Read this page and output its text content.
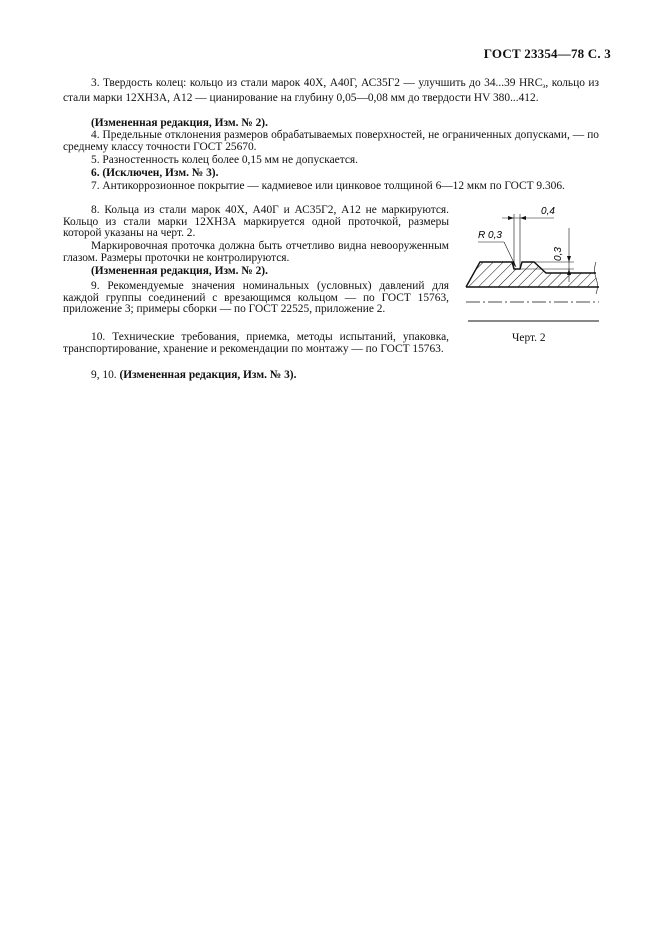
ГОСТ 23354—78 С. 3

3. Твердость колец: кольцо из стали марок 40Х, А40Г, АС35Г2 — улучшить до 34...39 $HRC_э$, кольцо из стали марки 12ХН3А, А12 — цианирование на глубину 0,05—0,08 мм до твердости HV 380...412.

(Измененная редакция, Изм. № 2).

4. Предельные отклонения размеров обрабатываемых поверхностей, не ограниченных допусками, — по среднему классу точности ГОСТ 25670.

5. Разностенность колец более 0,15 мм не допускается.

6. (Исключен, Изм. № 3).

7. Антикоррозионное покрытие — кадмиевое или цинковое толщиной 6—12 мкм по ГОСТ 9.306.

8. Кольца из стали марок 40Х, А40Г и АС35Г2, А12 не маркируются. Кольцо из стали марки 12ХН3А маркируется одной проточкой, размеры которой указаны на черт. 2.

Маркировочная проточка должна быть отчетливо видна невооруженным глазом. Размеры проточки не контролируются.

(Измененная редакция, Изм. № 2).

9. Рекомендуемые значения номинальных (условных) давлений для каждой группы соединений с врезающимся кольцом — по ГОСТ 15763, приложение 3; примеры сборки — по ГОСТ 22525, приложение 2.

10. Технические требования, приемка, методы испытаний, упаковка, транспортирование, хранение и рекомендации по монтажу — по ГОСТ 15763.

9, 10. (Измененная редакция, Изм. № 3).

0,4
0,3
R 0,3
Черт. 2
